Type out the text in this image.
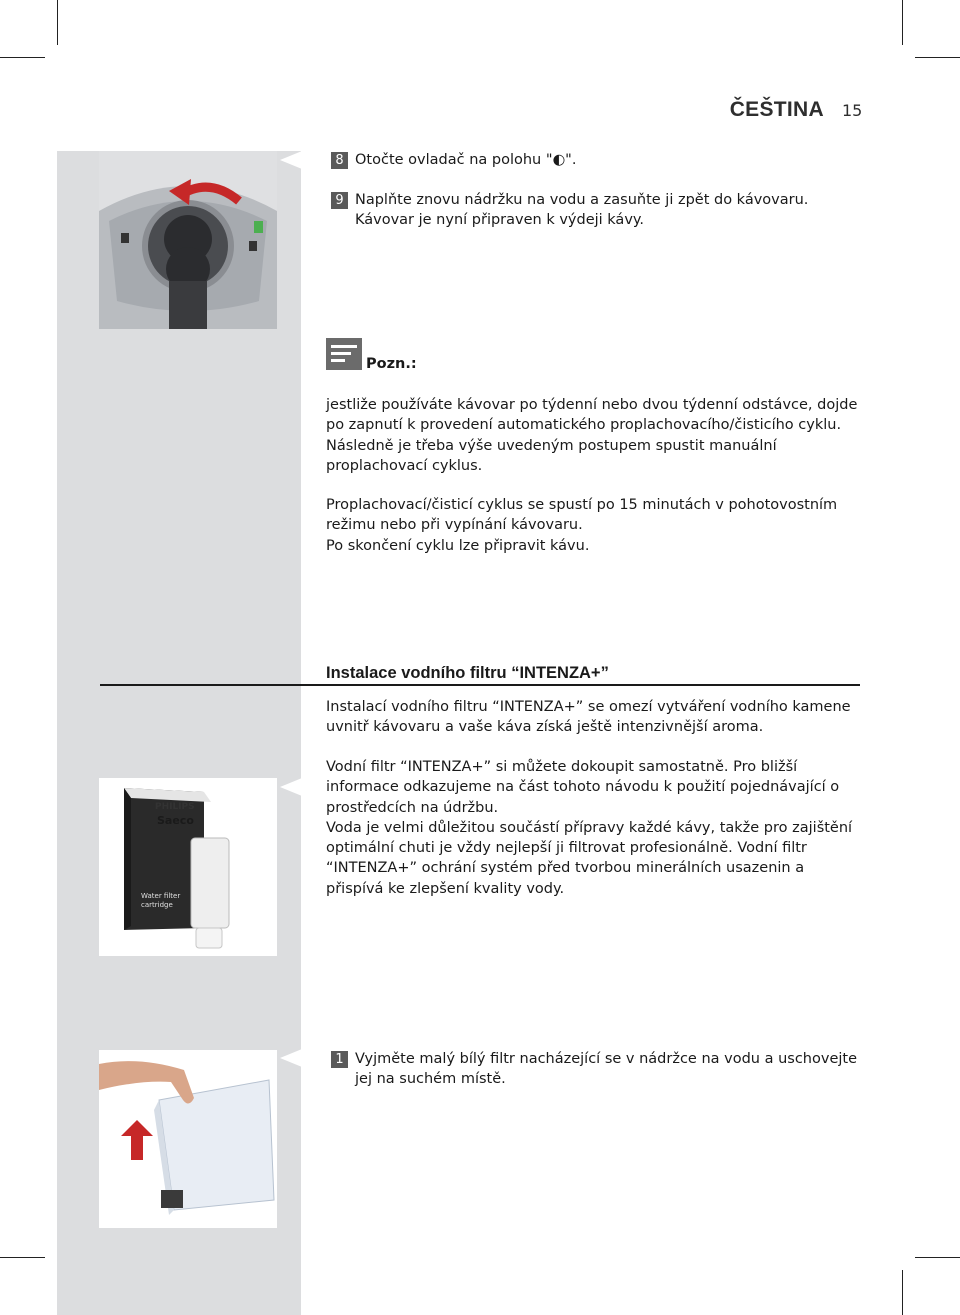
ČEŠTINA 15
8 Otočte ovladač na polohu "◐".
9 Naplňte znovu nádržku na vodu a zasuňte ji zpět do kávovaru. Kávovar je nyní připraven k výdeji kávy.
Pozn.:

jestliže používáte kávovar po týdenní nebo dvou týdenní odstávce, dojde po zapnutí k provedení automatického proplachovacího/čisticího cyklu. Následně je třeba výše uvedeným postupem spustit manuální proplachovací cyklus.

Proplachovací/čisticí cyklus se spustí po 15 minutách v pohotovostním režimu nebo při vypínání kávovaru.

Po skončení cyklu lze připravit kávu.

Instalace vodního filtru “INTENZA+”

Instalací vodního filtru “INTENZA+” se omezí vytváření vodního kamene uvnitř kávovaru a vaše káva získá ještě intenzivnější aroma.

Vodní filtr “INTENZA+” si můžete dokoupit samostatně. Pro bližší informace odkazujeme na část tohoto návodu k použití pojednávající o prostředcích na údržbu.

Voda je velmi důležitou součástí přípravy každé kávy, takže pro zajištění optimální chuti je vždy nejlepší ji filtrovat profesionálně. Vodní filtr “INTENZA+” ochrání systém před tvorbou minerálních usazenin a přispívá ke zlepšení kvality vody.

PHILIPS
Saeco
Water filter cartridge
1 Vyjměte malý bílý filtr nacházející se v nádržce na vodu a uschovejte jej na suchém místě.
